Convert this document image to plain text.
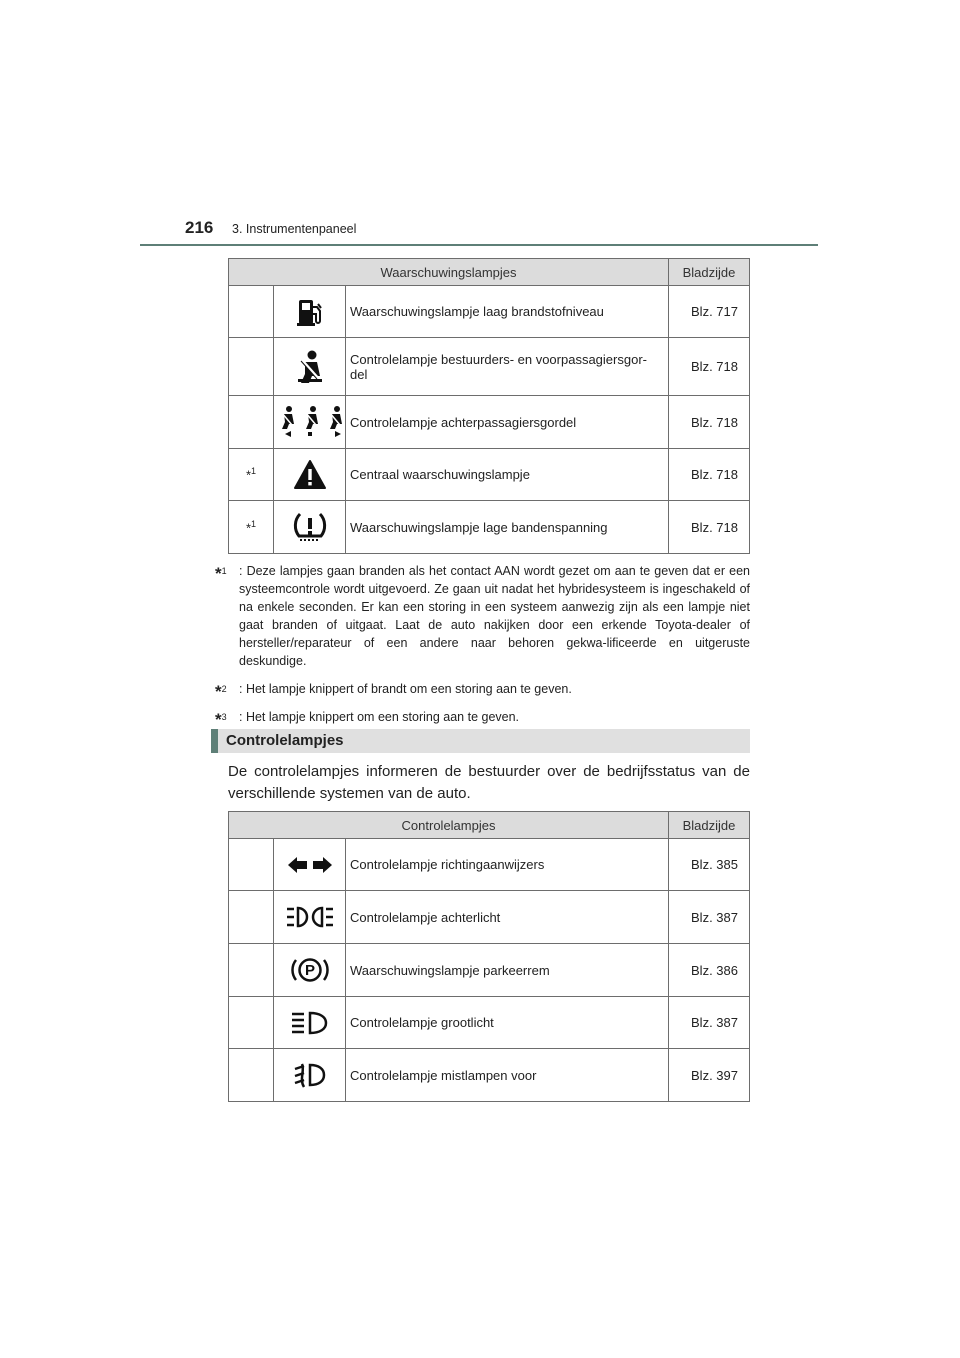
216 3. Instrumentenpaneel
Waarschuwingslampjes			Bladzijde

	Waarschuwingslampje laag brandstofniveau	Blz. 717

	Controlelampje bestuurders- en voorpassagiersgor-del	Blz. 718

	Controlelampje achterpassagiersgordel	Blz. 718
$*_1$		Centraal waarschuwingslampje	Blz. 718
$*_1$		Waarschuwingslampje lage bandenspanning	Blz. 718
*$^1$ : Deze lampjes gaan branden als het contact AAN wordt gezet om aan te geven dat er een systeemcontrole wordt uitgevoerd. Ze gaan uit nadat het hybridesysteem is ingeschakeld of na enkele seconden. Er kan een storing in een systeem aanwezig zijn als een lampje niet gaat branden of uitgaat. Laat de auto nakijken door een erkende Toyota-dealer of hersteller/reparateur of een andere naar behoren gekwa-lificeerde en uitgeruste deskundige.
*$^2$ : Het lampje knippert of brandt om een storing aan te geven.
*$^3$ : Het lampje knippert om een storing aan te geven.
Controlelampjes
De controlelampjes informeren de bestuurder over de bedrijfsstatus van de verschillende systemen van de auto.
Controlelampjes			Bladzijde

	Controlelampje richtingaanwijzers	Blz. 385

	Controlelampje achterlicht	Blz. 387

P	Waarschuwingslampje parkeerrem	Blz. 386

	Controlelampje grootlicht	Blz. 387

	Controlelampje mistlampen voor	Blz. 397
